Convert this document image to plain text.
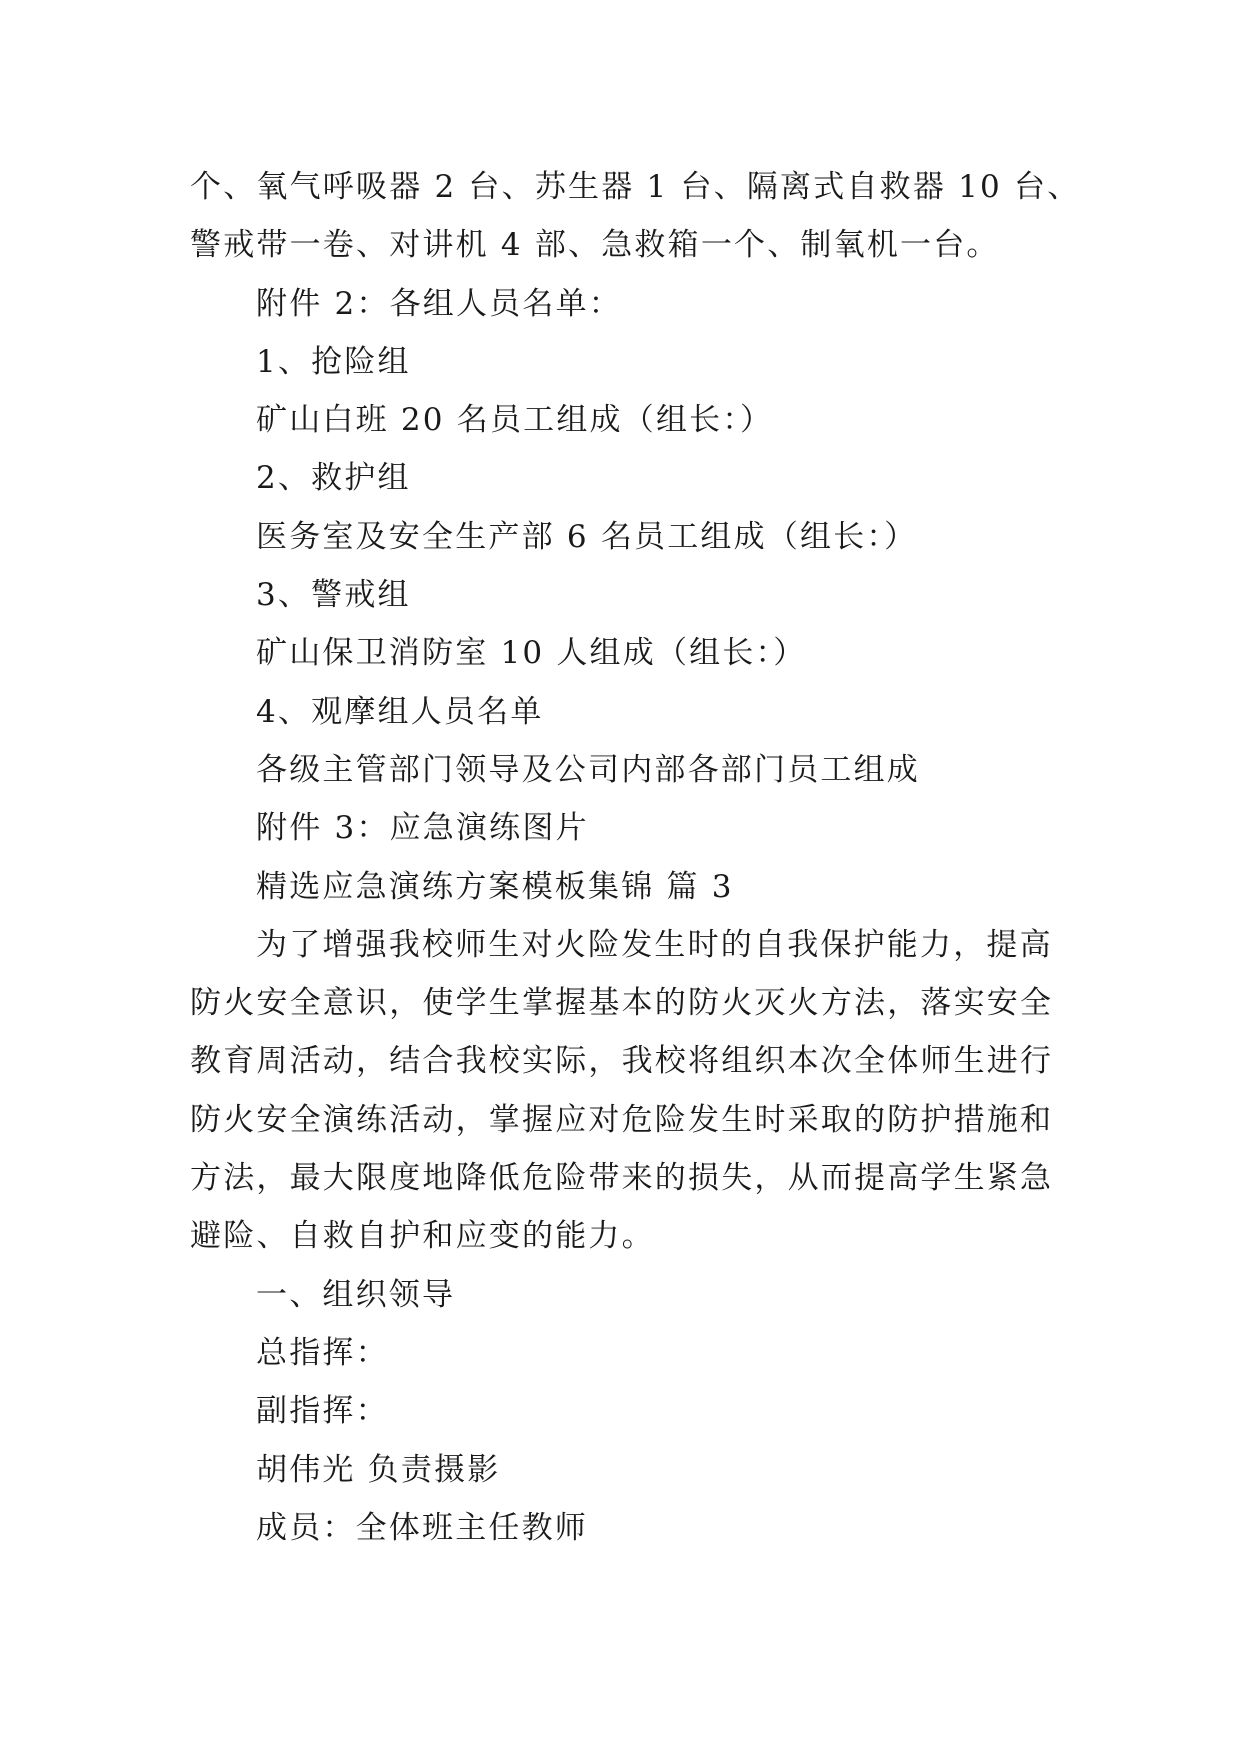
个、氧气呼吸器 2 台、苏生器 1 台、隔离式自救器 10 台、
警戒带一卷、对讲机 4 部、急救箱一个、制氧机一台。
附件 2：各组人员名单：
1、抢险组
矿山白班 20 名员工组成（组长：）
2、救护组
医务室及安全生产部 6 名员工组成（组长：）
3、警戒组
矿山保卫消防室 10 人组成（组长：）
4、观摩组人员名单
各级主管部门领导及公司内部各部门员工组成
附件 3：应急演练图片
精选应急演练方案模板集锦 篇 3
为了增强我校师生对火险发生时的自我保护能力，提高
防火安全意识，使学生掌握基本的防火灭火方法，落实安全
教育周活动，结合我校实际，我校将组织本次全体师生进行
防火安全演练活动，掌握应对危险发生时采取的防护措施和
方法，最大限度地降低危险带来的损失，从而提高学生紧急
避险、自救自护和应变的能力。
一、组织领导
总指挥：
副指挥：
胡伟光 负责摄影
成员：全体班主任教师
